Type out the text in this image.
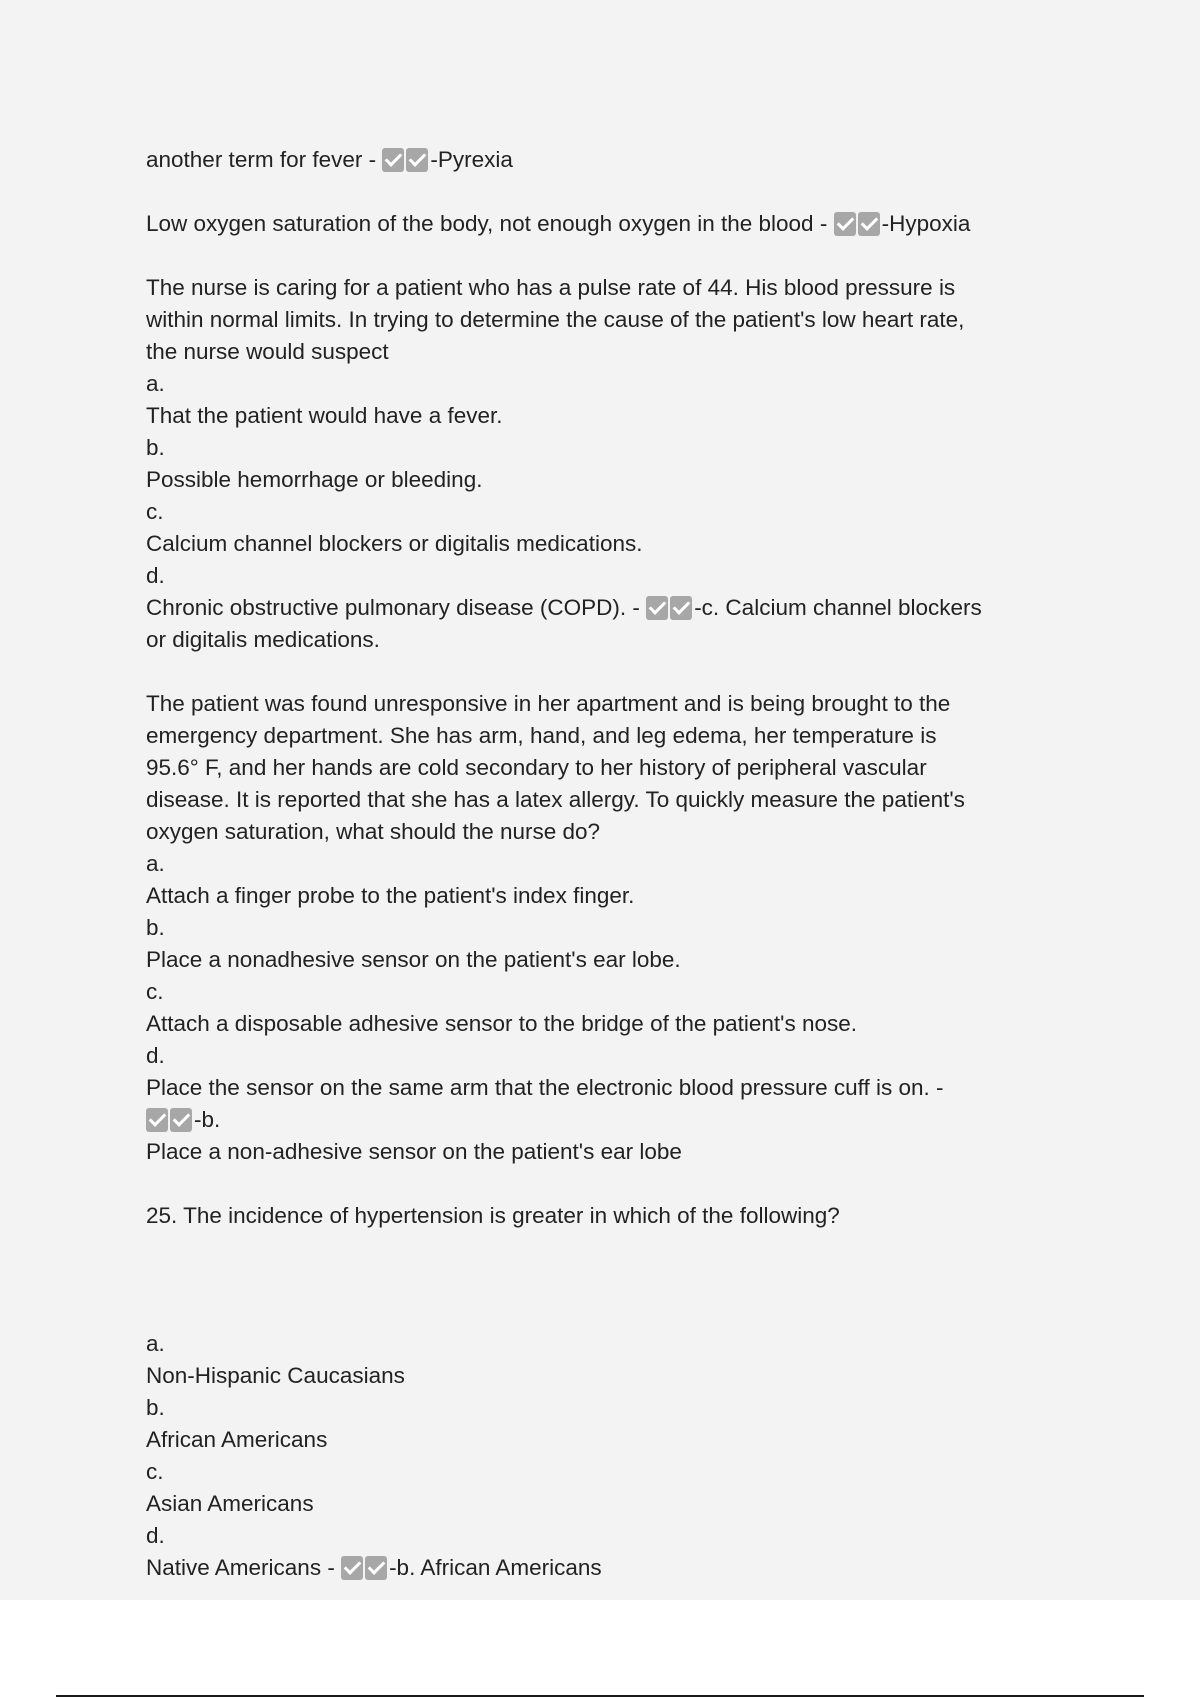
another term for fever - -Pyrexia
Low oxygen saturation of the body, not enough oxygen in the blood - -Hypoxia
The nurse is caring for a patient who has a pulse rate of 44. His blood pressure is
within normal limits. In trying to determine the cause of the patient's low heart rate,
the nurse would suspect
a.
That the patient would have a fever.
b.
Possible hemorrhage or bleeding.
c.
Calcium channel blockers or digitalis medications.
d.
Chronic obstructive pulmonary disease (COPD). - -c. Calcium channel blockers
or digitalis medications.
The patient was found unresponsive in her apartment and is being brought to the
emergency department. She has arm, hand, and leg edema, her temperature is
95.6° F, and her hands are cold secondary to her history of peripheral vascular
disease. It is reported that she has a latex allergy. To quickly measure the patient's
oxygen saturation, what should the nurse do?
a.
Attach a finger probe to the patient's index finger.
b.
Place a nonadhesive sensor on the patient's ear lobe.
c.
Attach a disposable adhesive sensor to the bridge of the patient's nose.
d.
Place the sensor on the same arm that the electronic blood pressure cuff is on. -
-b.
Place a non-adhesive sensor on the patient's ear lobe
25. The incidence of hypertension is greater in which of the following?
a.
Non-Hispanic Caucasians
b.
African Americans
c.
Asian Americans
d.
Native Americans - -b. African Americans
